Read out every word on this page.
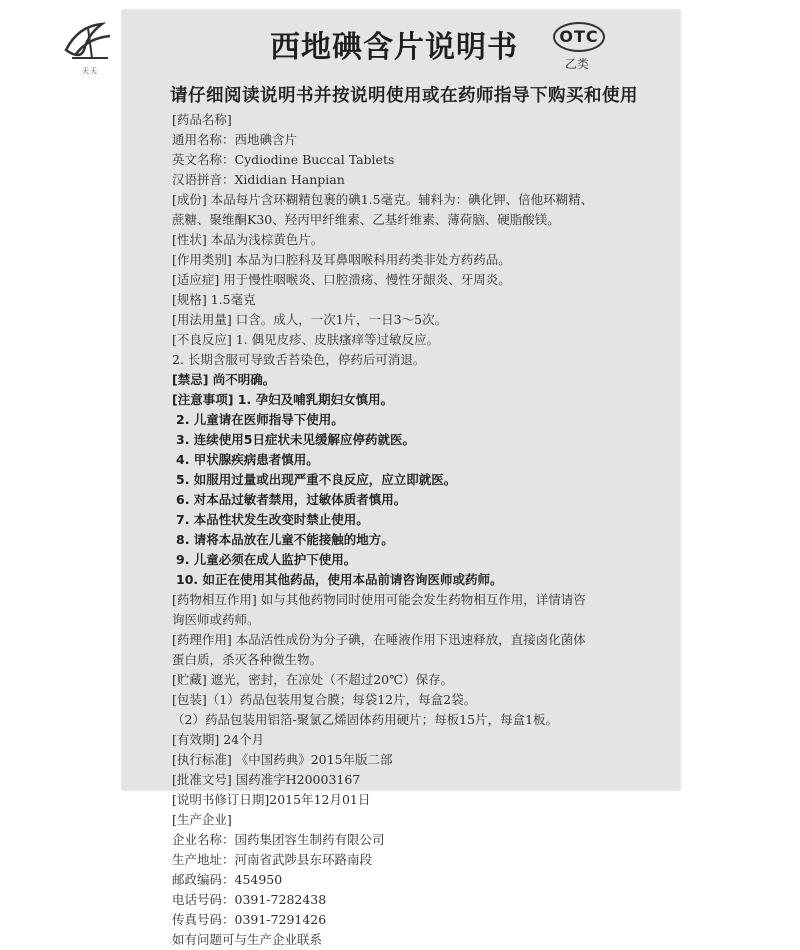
天天
西地碘含片说明书	OTC
乙类
请仔细阅读说明书并按说明使用或在药师指导下购买和使用
[药品名称]
通用名称：西地碘含片
英文名称：Cydiodine Buccal Tablets
汉语拼音：Xididian Hanpian
[成份] 本品每片含环糊精包裹的碘1.5毫克。辅料为：碘化钾、倍他环糊精、
蔗糖、聚维酮K30、羟丙甲纤维素、乙基纤维素、薄荷脑、硬脂酸镁。
[性状] 本品为浅棕黄色片。
[作用类别] 本品为口腔科及耳鼻咽喉科用药类非处方药药品。
[适应症] 用于慢性咽喉炎、口腔溃疡、慢性牙龈炎、牙周炎。
[规格] 1.5毫克
[用法用量] 口含。成人，一次1片，一日3～5次。
[不良反应] 1. 偶见皮疹、皮肤瘙痒等过敏反应。
2. 长期含服可导致舌苔染色，停药后可消退。
[禁忌] 尚不明确。
[注意事项] 1. 孕妇及哺乳期妇女慎用。
2. 儿童请在医师指导下使用。
3. 连续使用5日症状未见缓解应停药就医。
4. 甲状腺疾病患者慎用。
5. 如服用过量或出现严重不良反应，应立即就医。
6. 对本品过敏者禁用，过敏体质者慎用。
7. 本品性状发生改变时禁止使用。
8. 请将本品放在儿童不能接触的地方。
9. 儿童必须在成人监护下使用。
10. 如正在使用其他药品，使用本品前请咨询医师或药师。
[药物相互作用] 如与其他药物同时使用可能会发生药物相互作用，详情请咨
询医师或药师。
[药理作用] 本品活性成份为分子碘，在唾液作用下迅速释放，直接卤化菌体
蛋白质，杀灭各种微生物。
[贮藏] 遮光，密封，在凉处（不超过20℃）保存。
[包装]（1）药品包装用复合膜；每袋12片，每盒2袋。
（2）药品包装用铝箔-聚氯乙烯固体药用硬片；每板15片，每盒1板。
[有效期] 24个月
[执行标准] 《中国药典》2015年版二部
[批准文号] 国药准字H20003167
[说明书修订日期]2015年12月01日
[生产企业]
企业名称：国药集团容生制药有限公司
生产地址：河南省武陟县东环路南段
邮政编码：454950
电话号码：0391-7282438
传真号码：0391-7291426
如有问题可与生产企业联系
